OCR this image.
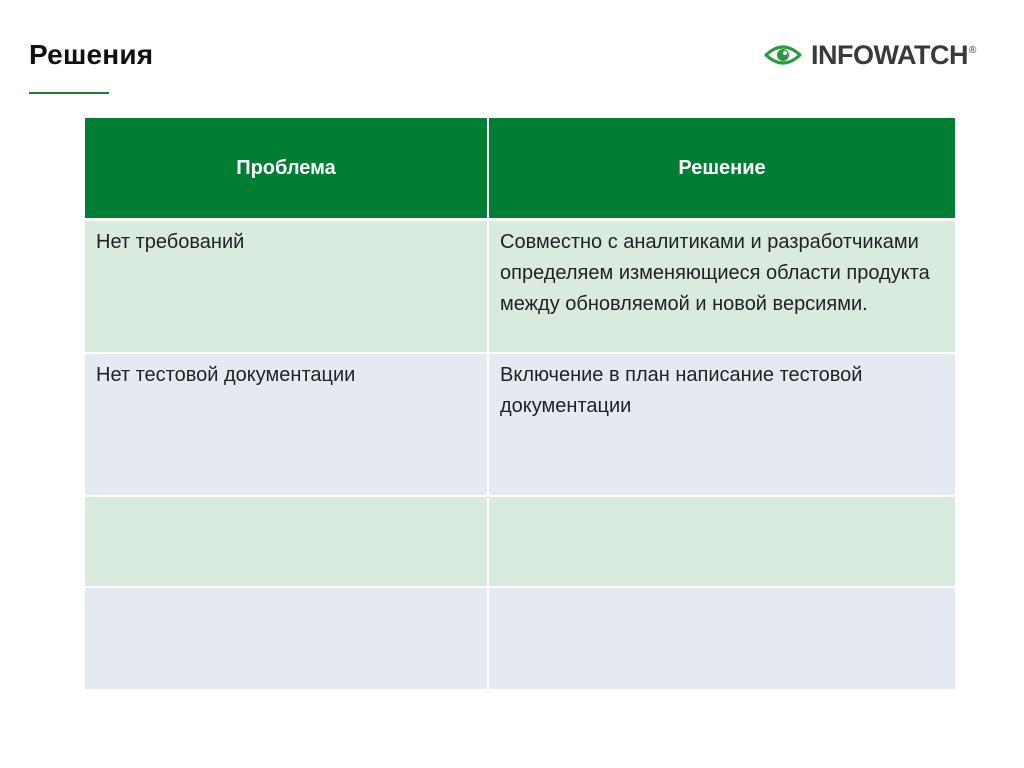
Решения	INFOWATCH®
Проблема	Решение
Нет требований	Совместно с аналитиками и разработчиками определяем изменяющиеся области продукта между обновляемой и новой версиями.
Нет тестовой документации	Включение в план написание тестовой документации
